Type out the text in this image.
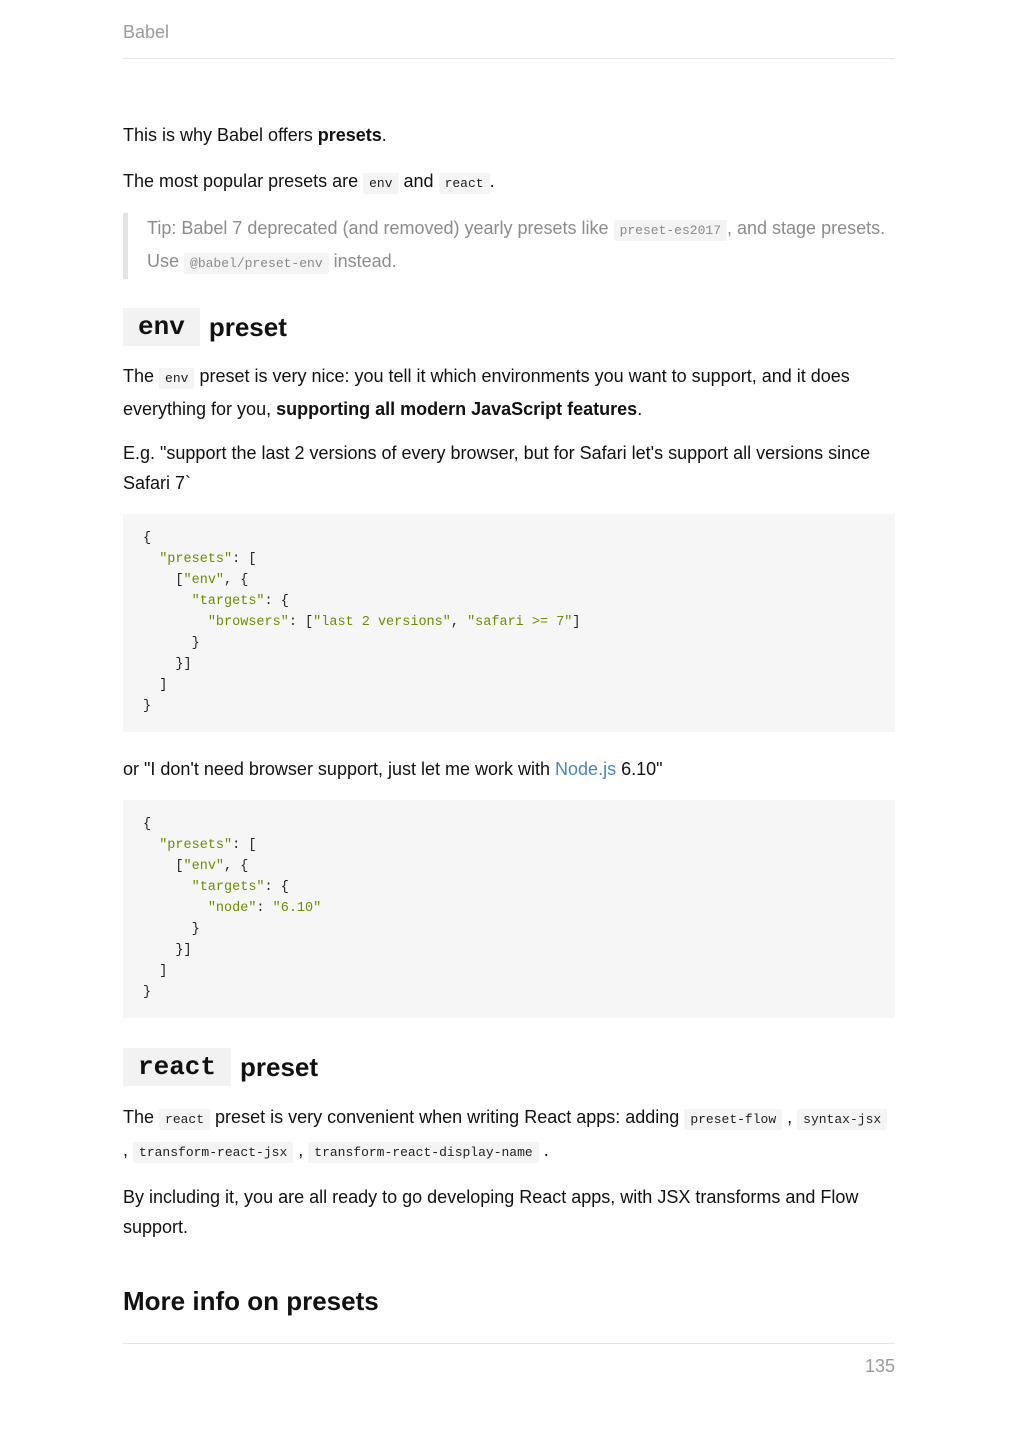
Babel

This is why Babel offers presets.

The most popular presets are env and react .

Tip: Babel 7 deprecated (and removed) yearly presets like preset-es2017 , and stage presets. Use @babel/preset-env instead.
env preset

The env preset is very nice: you tell it which environments you want to support, and it does everything for you, supporting all modern JavaScript features.

E.g. "support the last 2 versions of every browser, but for Safari let's support all versions since Safari 7`

{
"presets": [
["env", {
"targets": {
"browsers": ["last 2 versions", "safari >= 7"]
}
}]
]
}

or "I don't need browser support, just let me work with Node.js 6.10"

{
"presets": [
["env", {
"targets": {
"node": "6.10"
}
}]
]
}
react preset

The react preset is very convenient when writing React apps: adding preset-flow , syntax-jsx , transform-react-jsx , transform-react-display-name .

By including it, you are all ready to go developing React apps, with JSX transforms and Flow support.

More info on presets
135
